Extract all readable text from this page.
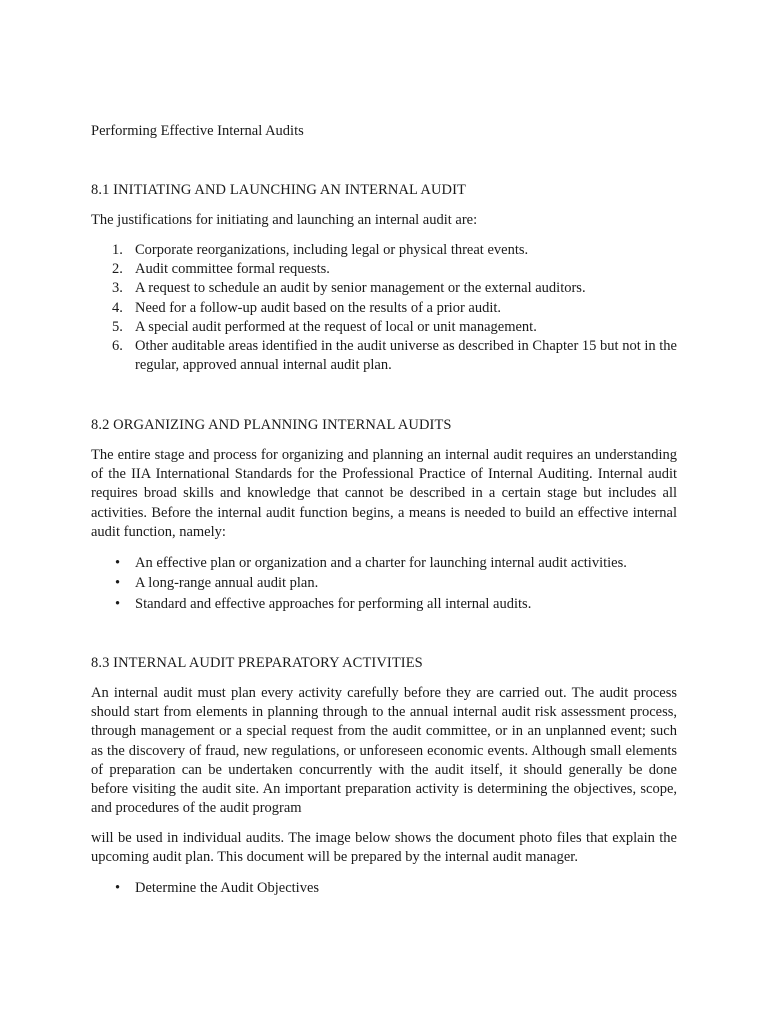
Performing Effective Internal Audits
8.1 INITIATING AND LAUNCHING AN INTERNAL AUDIT
The justifications for initiating and launching an internal audit are:
1. Corporate reorganizations, including legal or physical threat events.
2. Audit committee formal requests.
3. A request to schedule an audit by senior management or the external auditors.
4. Need for a follow-up audit based on the results of a prior audit.
5. A special audit performed at the request of local or unit management.
6. Other auditable areas identified in the audit universe as described in Chapter 15 but not in the regular, approved annual internal audit plan.
8.2 ORGANIZING AND PLANNING INTERNAL AUDITS
The entire stage and process for organizing and planning an internal audit requires an understanding of the IIA International Standards for the Professional Practice of Internal Auditing. Internal audit requires broad skills and knowledge that cannot be described in a certain stage but includes all activities. Before the internal audit function begins, a means is needed to build an effective internal audit function, namely:
• An effective plan or organization and a charter for launching internal audit activities.
• A long-range annual audit plan.
• Standard and effective approaches for performing all internal audits.
8.3 INTERNAL AUDIT PREPARATORY ACTIVITIES
An internal audit must plan every activity carefully before they are carried out. The audit process should start from elements in planning through to the annual internal audit risk assessment process, through management or a special request from the audit committee, or in an unplanned event; such as the discovery of fraud, new regulations, or unforeseen economic events. Although small elements of preparation can be undertaken concurrently with the audit itself, it should generally be done before visiting the audit site. An important preparation activity is determining the objectives, scope, and procedures of the audit program
will be used in individual audits. The image below shows the document photo files that explain the upcoming audit plan. This document will be prepared by the internal audit manager.
• Determine the Audit Objectives
